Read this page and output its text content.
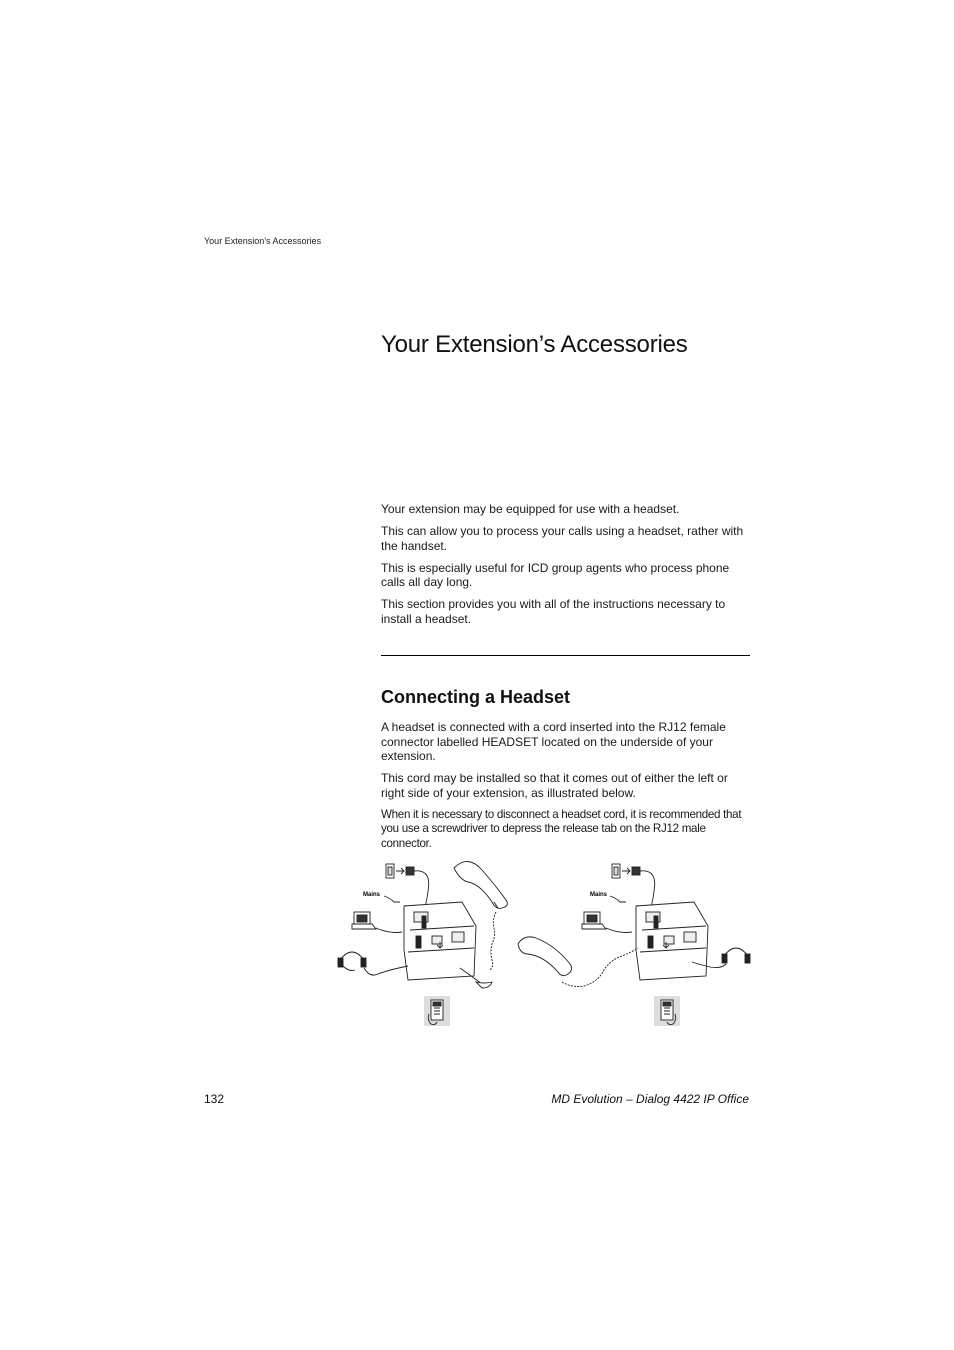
Your Extension’s Accessories
Your Extension’s Accessories

Your extension may be equipped for use with a headset.

This can allow you to process your calls using a headset, rather with the handset.

This is especially useful for ICD group agents who process phone calls all day long.

This section provides you with all of the instructions necessary to install a headset.

Connecting a Headset

A headset is connected with a cord inserted into the RJ12 female connector labelled HEADSET located on the underside of your extension.

This cord may be installed so that it comes out of either the left or right side of your extension, as illustrated below.

When it is necessary to disconnect a headset cord, it is recommended that you use a screwdriver to depress the release tab on the RJ12 male connector.

Mains	Mains
132	MD Evolution – Dialog 4422 IP Office
